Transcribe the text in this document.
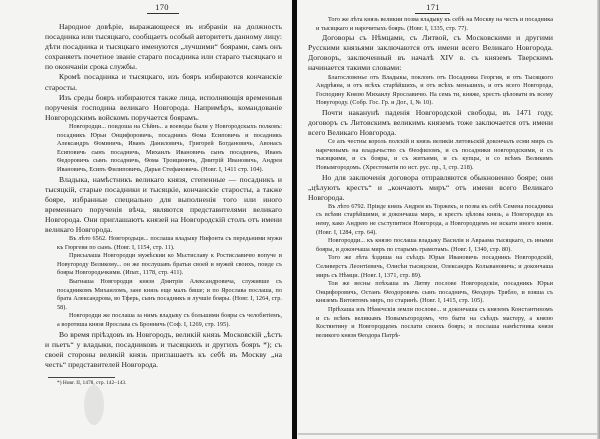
170

Народное довѣріе, выражающееся въ избраніи на должность посадника или тысяцкаго, сообщаетъ особый авторитетъ данному лицу: дѣти посадника и тысяцкаго именуются „лучшими“ боярами, самъ онъ сохраняетъ почетное званіе стараго посадника или стараго тысяцкаго и по окончаніи срока службы.

Кромѣ посадника и тысяцкаго, изъ бояръ избираются кончанскіе старосты.

Изъ среды бояръ избираются также лица, исполняющія временныя порученія господина великаго Новгорода. Напримѣръ, командованіе Новгородскимъ войскомъ поручается боярамъ.

Новгородци... поидоша на Сѣйнъ.. а воеводы были у Новгородскыхъ полковъ: посадникъ Юрьи Онцифоровичь, посадникъ Ѳома Есиповичь и посадникъ Александръ Ѳоминичь, Иванъ Даниловичь, Григорей Богдановичь, Авонасъ Есиповичь сынъ посадничь, Михаилъ Ивановичь сынъ посадничь, Иванъ Ѳедоровичь сынъ посадничь, Ѳома Троициничь, Дмитрiй Ивановичь, Андрея Ивановичь, Есипъ Филиповичь, Дарьи Стефановичь. (Новг. I, 1411 стр. 104).

Владыка, намѣстникъ великаго князя, степенные — посадникъ и тысяцкій, старые посадники и тысяцкіе, кончанскіе старосты, а также бояре, избранные специально для выполненія того или иного временнаго порученія вѣча, являются представителями великаго Новгорода. Они приглашаютъ князей на Новгородскій столъ отъ имени великаго Новгорода.

Въ лѣто 6562. Новгородьци... послаша владыку Нифонта съ передьними мужи къ Гюргеви по сынъ. (Новг. I, 1154, стр. 11).

Присылаша Новгородци мужѣскии ко Мьстиславу к Ростиславичю вопуче и Новугороду Великому... он же послушавъ братьи своей и мужей своихъ, поиде съ бояры Новгородьчкими. (Ипат., 1178, стр. 411).

Выгнаша Новгородци князя Дмитрiя Александровича, служивше съ посадникомъ Михаиломъ, занe князь еще малъ бяше; и по Ярослава послаша, по брата Александрова, во Тферь, сынъ посадникъ и лучшiе бояры. (Новг. I, 1264, стр. 58).

Новгородци же послаша за нимъ владыку съ большими бояры съ челобитiемъ, а воротиша князя Ярослава съ Бронничь (Соф. I, 1269, стр. 195).

Во время пріѣздовъ въ Новгородъ, великій князь Московскій „ѣстъ и пьетъ“ у владыки, посадниковъ и тысяцкихъ и другихъ бояръ *); съ своей стороны великій князь приглашаетъ къ себѣ въ Москву „на честь“ представителей Новгорода.

*) Новг. II, 1478, стр. 142–143.
171

Того же лѣта князь великии позва владыку къ себѣ на Москву на честь и посадника и тысяцкаго и нарочитыхъ бояръ. (Новг. I, 1335, стр. 77).

Договоры съ Нѣмцами, съ Литвой, съ Московскими и другими Русскими князьями заключаются отъ имени всего Великаго Новгорода. Договоръ, заключенный въ началѣ XIV в. съ княземъ Тверскимъ начинается такими словами:

Благословенье отъ Владыкы, поклонъ отъ Посадника Георгия, и отъ Тысяцкого Андрѣяна, и отъ всѣхъ старѣйшихъ, и отъ всѣхъ меньшихъ, и отъ всего Новгорода, Господину Князю Михаилу Ярославичю. На семь ти, княже, хрестъ цѣловати въ всему Новугороду. (Собр. Гос. Гр. и Дог., I, № 10).

Почти наканунѣ паденія Новгородской свободы, въ 1471 году, договоръ съ Литовскимъ великимъ княземъ тоже заключается отъ имени всего Великаго Новгорода.

Се азъ честны король полскiй и князь великiи литовьскiй докончалъ есми миръ съ нареченымъ на владычьство съ Ѳеофиломъ, и съ посадники новгородскими, и съ тысяцкими, и съ бояры, и съ житьими, и съ купцы, и со всѣмъ Великимъ Новымгородомъ. (Хрестоматiя по ист. рус. пр., I, стр. 218).

Но для заключенія договора отправляются обыкновенно бояре; они „цѣлуютъ крестъ“ и „кончаютъ миръ“ отъ имени всего Великаго Новгорода.

Въ лѣто 6792. Прiиде князь Андрея къ Торжекъ, и позва къ себѣ Семена посадника съ всѣми старѣйшими, и докончаша миръ, и крестъ цѣлова князь, а Новгородци къ нему, како Андрею не съступитися Новгорода, а Новгородцемъ не искати иного князя. (Новг. I, 1284, стр. 64).

Новгородци... къ князю послаша владыку Василiя и Авраама тысяцкаго, съ иными бояры, и докончаша миръ по старымъ грамотамъ. (Новг. I, 1340, стр. 80).

Того же лѣта ѣздиша на съѣздъ Юрьи Ивановичь посадникъ Новгородскiй, Селиверстъ Леонтiевичь, Олисѣи тысяцскои, Олександръ Колывановичь; и докончаша миръ съ Нѣмци. (Новг. I, 1371, стр. 89).

Тои же весны поѣхаша въ Литву послове Новгородскiи, посадникъ Юрьи Онцифоровичь, Останъ Ѳеодоровичь сынъ посадничь, Ѳеодоръ Тряблo, и взяша съ княземъ Витовтомъ миръ, по старинѣ. (Новг. I, 1415, стр. 105).

Прiѣхаша изъ Нѣмечскiя земли послове... и докончаша съ княземъ Константиномъ и съ всѣмъ великымъ Новымъгородомъ, что быти на съѣздъ мастеру, а князю Костянтину и Новгородцемъ послати своихъ бояръ; и послаша намѣстника князя великого князя Ѳеодора Патрѣ-
